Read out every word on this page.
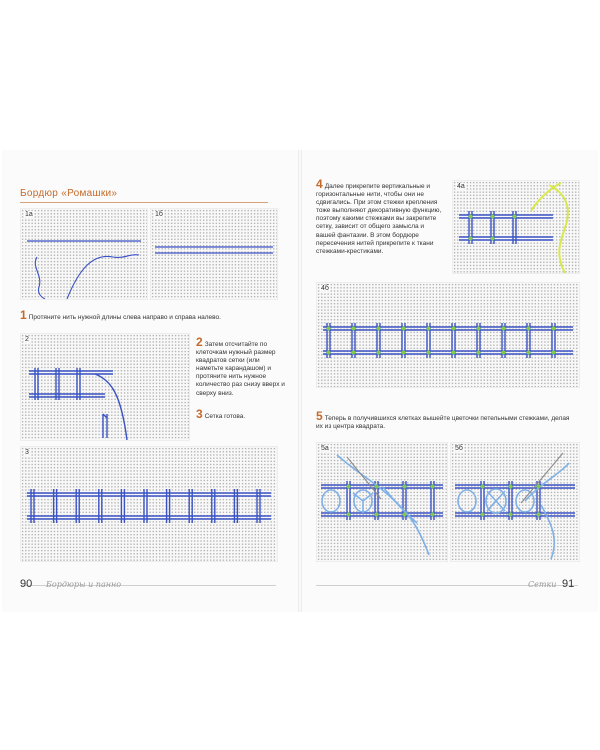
Бордюр «Ромашки»
1а	1б
1 Протяните нить нужной длины слева направо и справа налево.
2	2 Затем отсчитайте по клеточкам нужный размер квадратов сетки (или наметьте карандашом) и протяните нить нужное количество раз снизу вверх и сверху вниз.
3 Сетка готова.
3
90 Бордюры и панно
4 Далее прикрепите вертикальные и горизонтальные нити, чтобы они не сдвигались. При этом стежки крепления тоже выполняют декоративную функцию, поэтому какими стежками вы закрепите сетку, зависит от общего замысла и вашей фантазии. В этом бордюре пересечения нитей прикрепите к ткани стежками-крестиками.
4а
4б
5 Теперь в получившихся клетках вышейте цветочки петельными стежками, делая их из центра квадрата.
5а	5б
Сетки 91
